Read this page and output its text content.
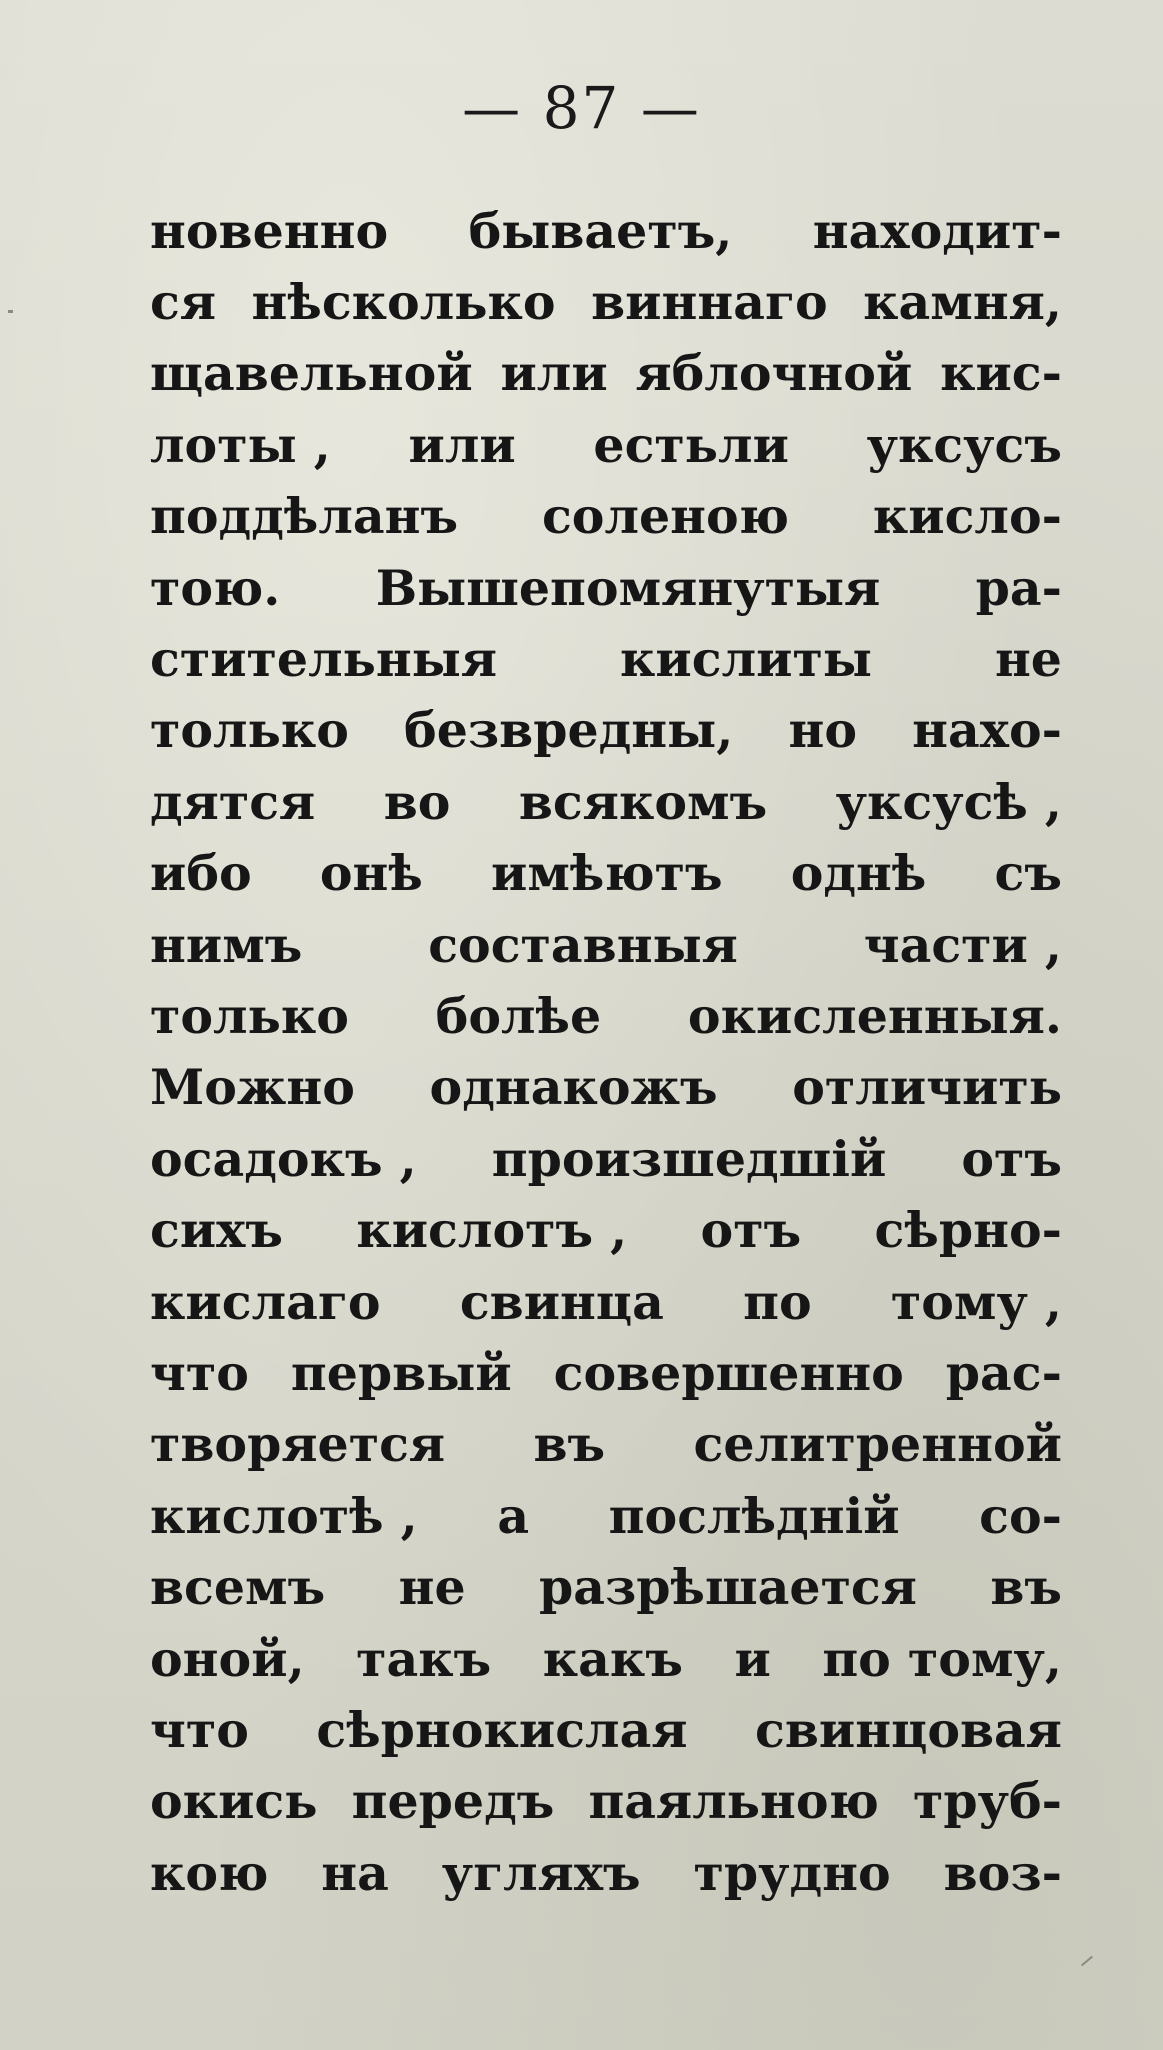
— 87 —
новенно бываетъ, находит-
ся нѣсколько виннаго камня,
щавельной или яблочной кис-
лоты , или естьли уксусъ
поддѣланъ соленою кисло-
тою. Вышепомянутыя ра-
стительныя	кислиты	не
только безвредны, но нахо-
дятся во всякомъ уксусѣ ,
ибо онѣ имѣютъ однѣ съ
нимъ	составныя	части ,
только болѣе окисленныя.
Можно однакожъ отличить
осадокъ , произшедшій отъ
сихъ кислотъ , отъ сѣрно-
кислаго свинца по тому ,
что первый совершенно рас-
творяется въ селитренной
кислотѣ , а послѣдній со-
всемъ не разрѣшается въ
оной, такъ какъ и по тому,
что сѣрнокислая свинцовая
окись передъ паяльною труб-
кою на угляхъ трудно воз-
